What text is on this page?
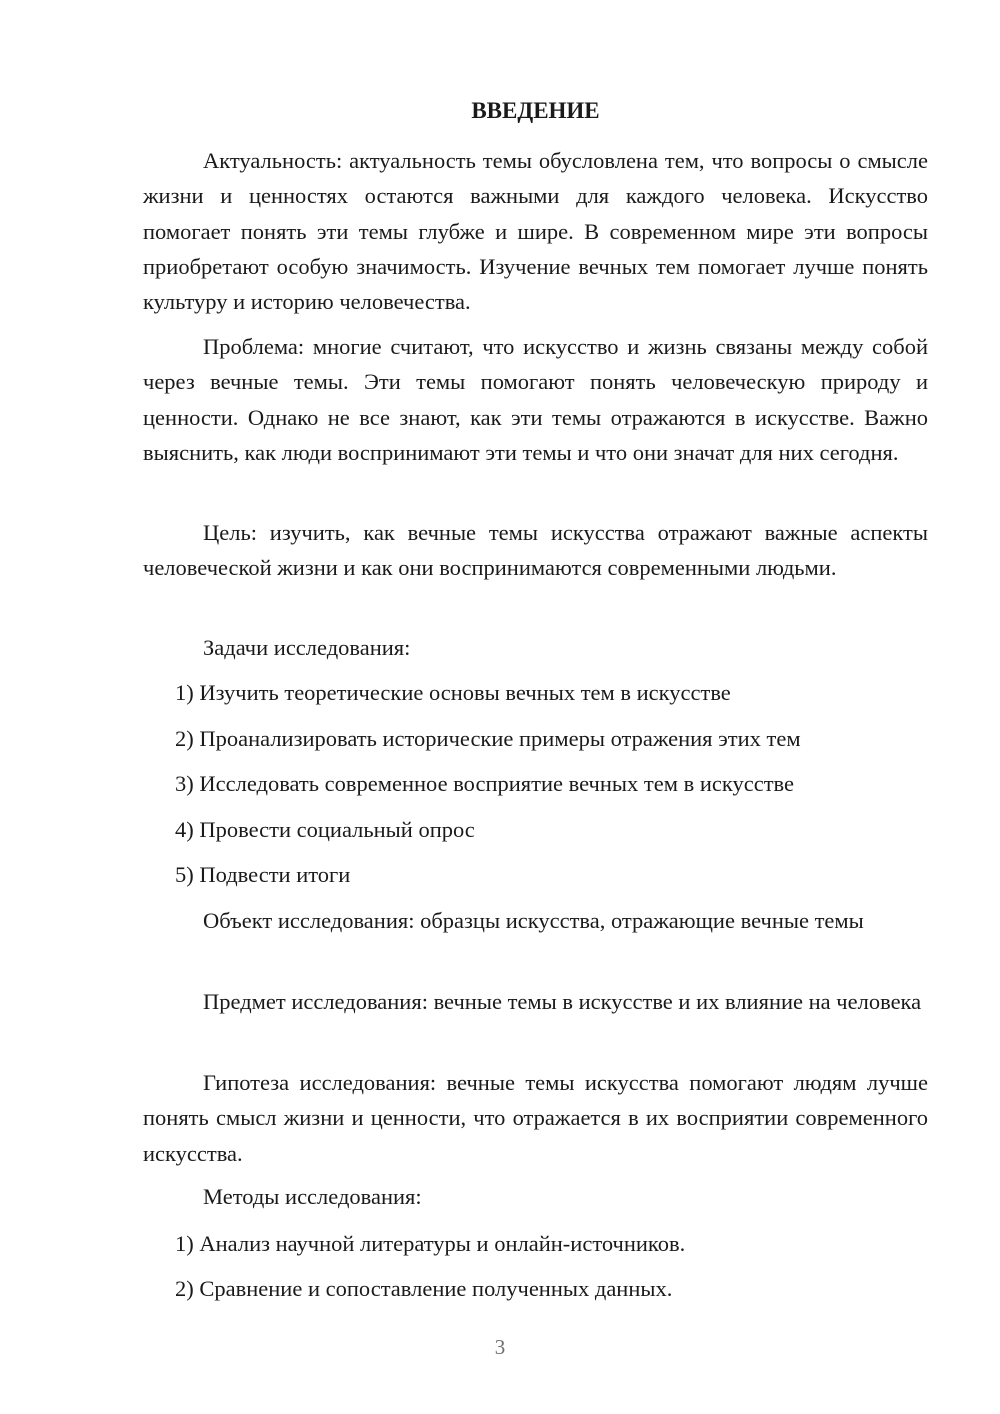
ВВЕДЕНИЕ

Актуальность: актуальность темы обусловлена тем, что вопросы о смысле жизни и ценностях остаются важными для каждого человека. Искусство помогает понять эти темы глубже и шире. В современном мире эти вопросы приобретают особую значимость. Изучение вечных тем помогает лучше понять культуру и историю человечества.

Проблема: многие считают, что искусство и жизнь связаны между собой через вечные темы. Эти темы помогают понять человеческую природу и ценности. Однако не все знают, как эти темы отражаются в искусстве. Важно выяснить, как люди воспринимают эти темы и что они значат для них сегодня.

Цель: изучить, как вечные темы искусства отражают важные аспекты человеческой жизни и как они воспринимаются современными людьми.

Задачи исследования:

1) Изучить теоретические основы вечных тем в искусстве

2) Проанализировать исторические примеры отражения этих тем

3) Исследовать современное восприятие вечных тем в искусстве

4) Провести социальный опрос

5) Подвести итоги

Объект исследования: образцы искусства, отражающие вечные темы

Предмет исследования: вечные темы в искусстве и их влияние на человека

Гипотеза исследования: вечные темы искусства помогают людям лучше понять смысл жизни и ценности, что отражается в их восприятии современного искусства.

Методы исследования:

1) Анализ научной литературы и онлайн-источников.

2) Сравнение и сопоставление полученных данных.

3
